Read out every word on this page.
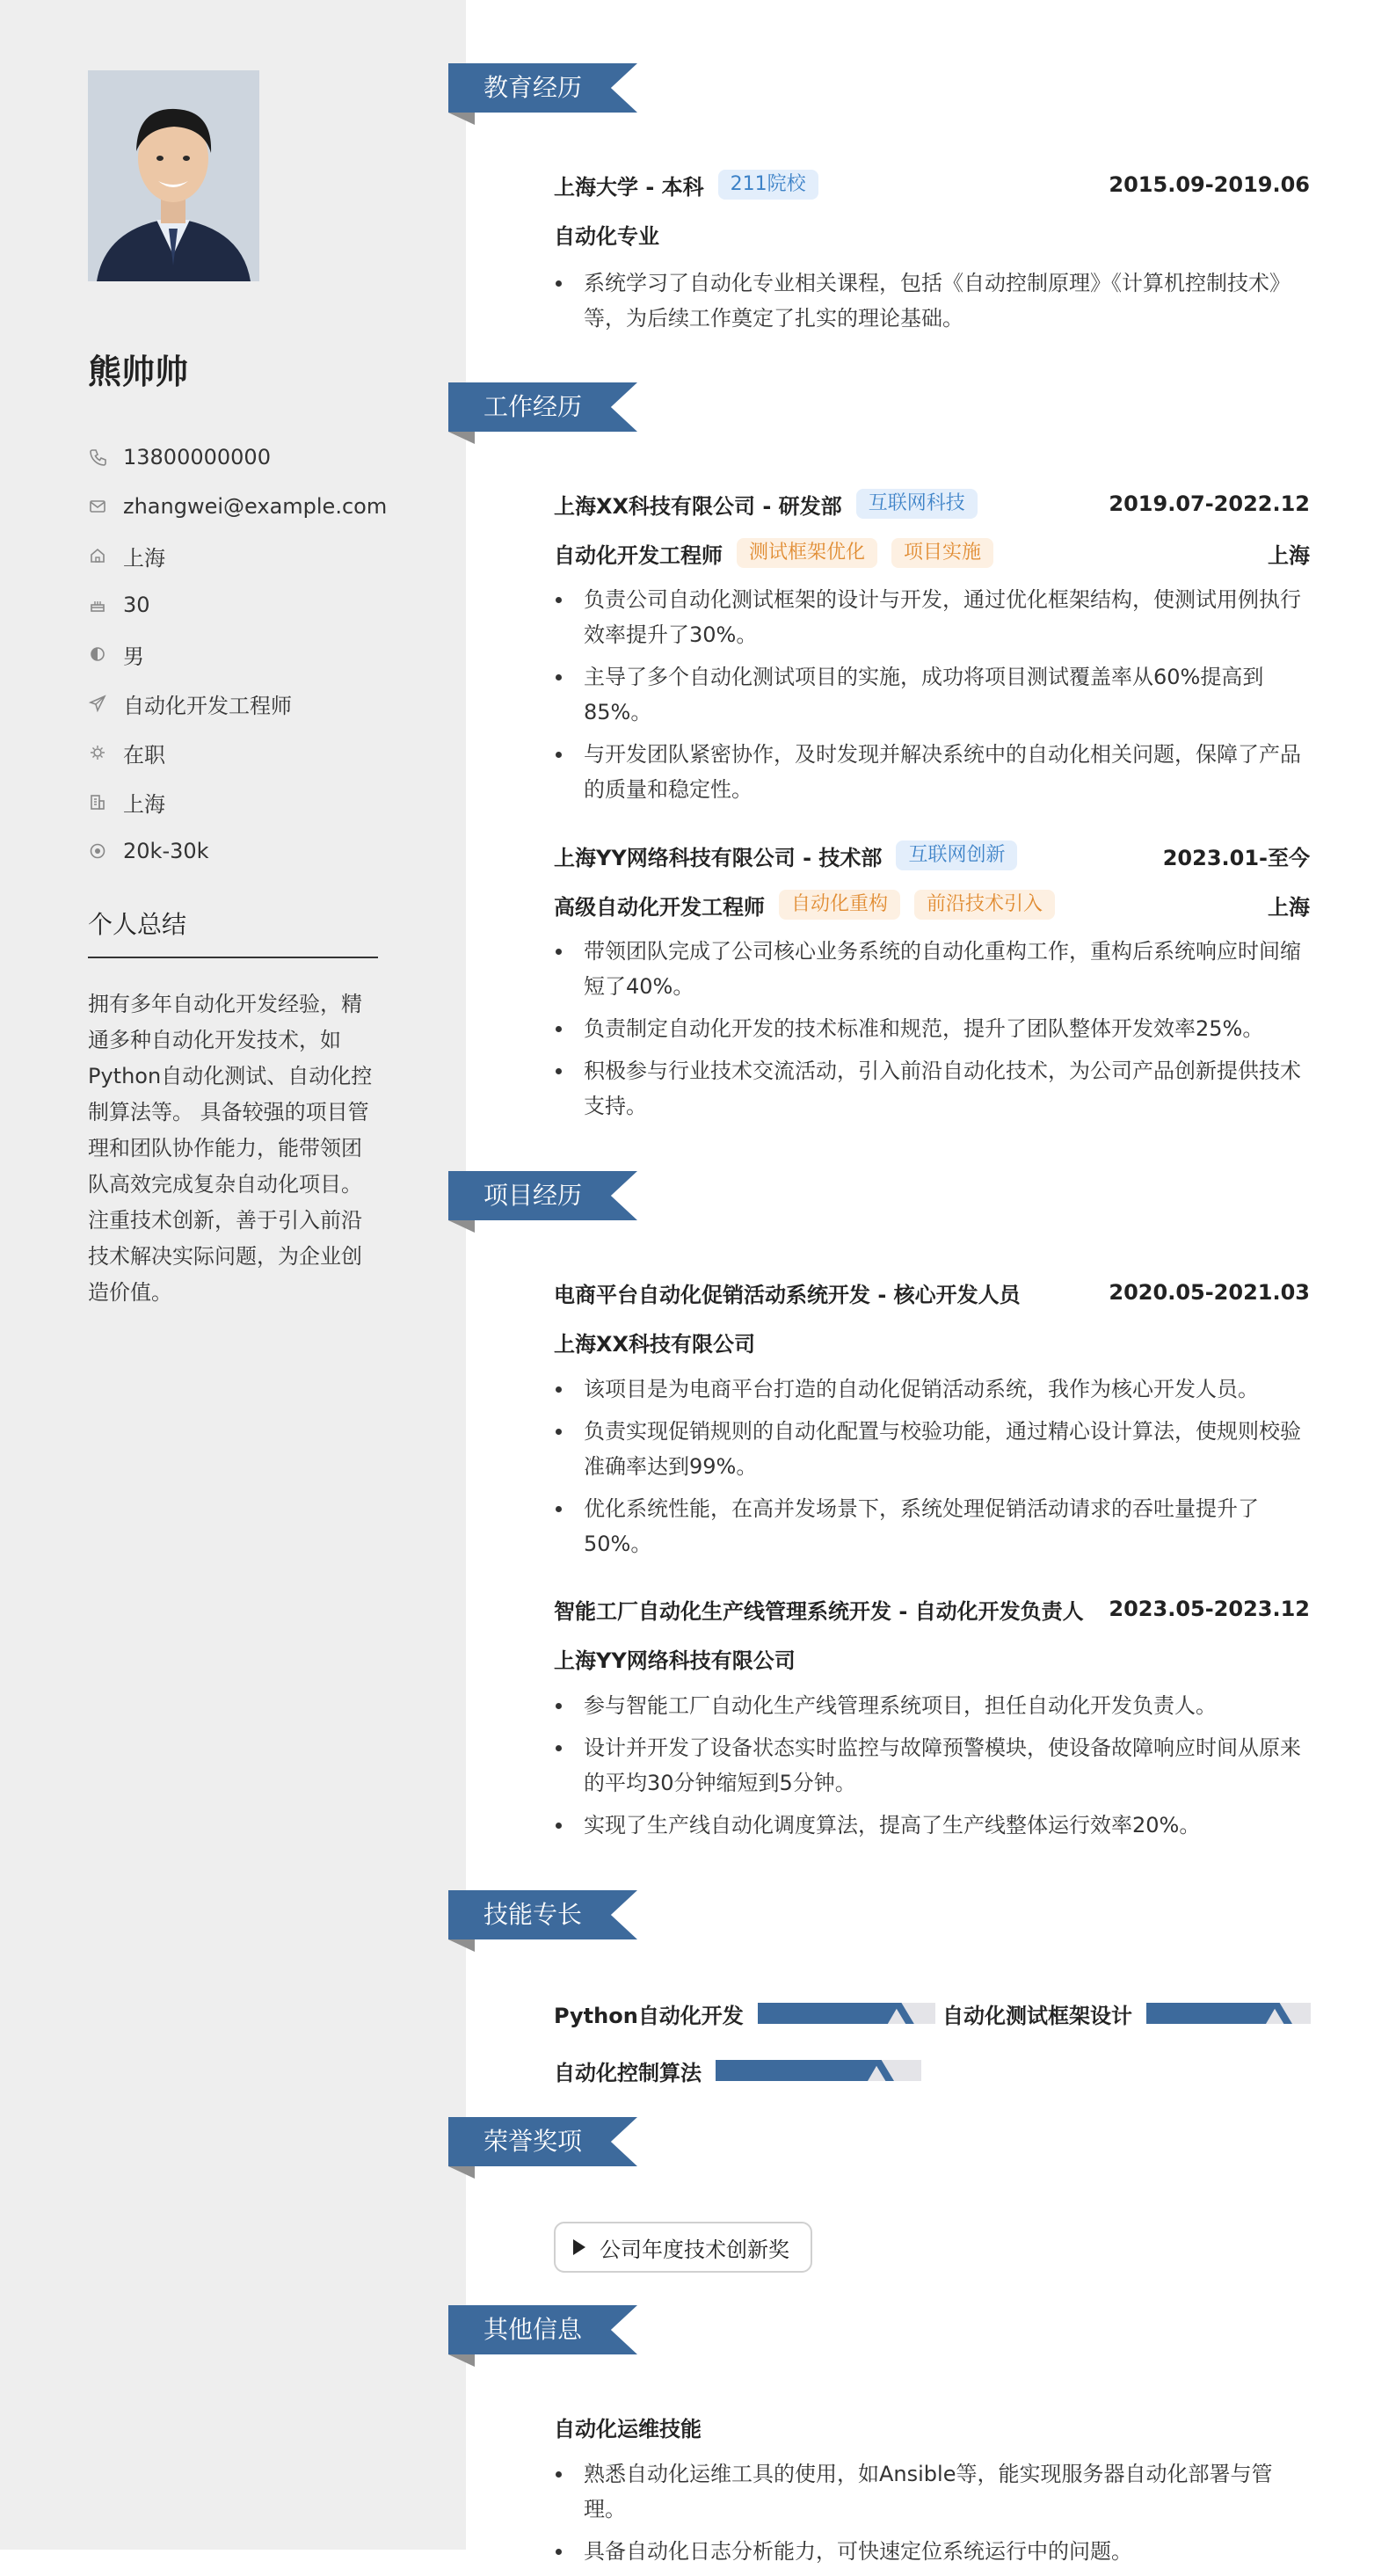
熊帅帅
13800000000
zhangwei@example.com
上海
30
男
自动化开发工程师
在职
上海
20k-30k
个人总结
拥有多年自动化开发经验，精
通多种自动化开发技术，如
Python自动化测试、自动化控
制算法等。 具备较强的项目管
理和团队协作能力，能带领团
队高效完成复杂自动化项目。
注重技术创新，善于引入前沿
技术解决实际问题，为企业创
造价值。
教育经历
上海大学 - 本科	211院校	2015.09-2019.06
自动化专业
系统学习了自动化专业相关课程，包括《自动控制原理》《计算机控制技术》
等，为后续工作奠定了扎实的理论基础。
工作经历
上海XX科技有限公司 - 研发部	互联网科技	2019.07-2022.12
自动化开发工程师	测试框架优化	项目实施	上海
负责公司自动化测试框架的设计与开发，通过优化框架结构，使测试用例执行
效率提升了30%。
主导了多个自动化测试项目的实施，成功将项目测试覆盖率从60%提高到
85%。
与开发团队紧密协作，及时发现并解决系统中的自动化相关问题，保障了产品
的质量和稳定性。
上海YY网络科技有限公司 - 技术部	互联网创新	2023.01-至今
高级自动化开发工程师	自动化重构	前沿技术引入	上海
带领团队完成了公司核心业务系统的自动化重构工作，重构后系统响应时间缩
短了40%。
负责制定自动化开发的技术标准和规范，提升了团队整体开发效率25%。
积极参与行业技术交流活动，引入前沿自动化技术，为公司产品创新提供技术
支持。
项目经历
电商平台自动化促销活动系统开发 - 核心开发人员	2020.05-2021.03
上海XX科技有限公司
该项目是为电商平台打造的自动化促销活动系统，我作为核心开发人员。
负责实现促销规则的自动化配置与校验功能，通过精心设计算法，使规则校验
准确率达到99%。
优化系统性能，在高并发场景下，系统处理促销活动请求的吞吐量提升了
50%。
智能工厂自动化生产线管理系统开发 - 自动化开发负责人 2023.05-2023.12
上海YY网络科技有限公司
参与智能工厂自动化生产线管理系统项目，担任自动化开发负责人。
设计并开发了设备状态实时监控与故障预警模块，使设备故障响应时间从原来
的平均30分钟缩短到5分钟。
实现了生产线自动化调度算法，提高了生产线整体运行效率20%。
技能专长
Python自动化开发	自动化测试框架设计
自动化控制算法
荣誉奖项
公司年度技术创新奖
其他信息
自动化运维技能
熟悉自动化运维工具的使用，如Ansible等，能实现服务器自动化部署与管理。
具备自动化日志分析能力，可快速定位系统运行中的问题。
